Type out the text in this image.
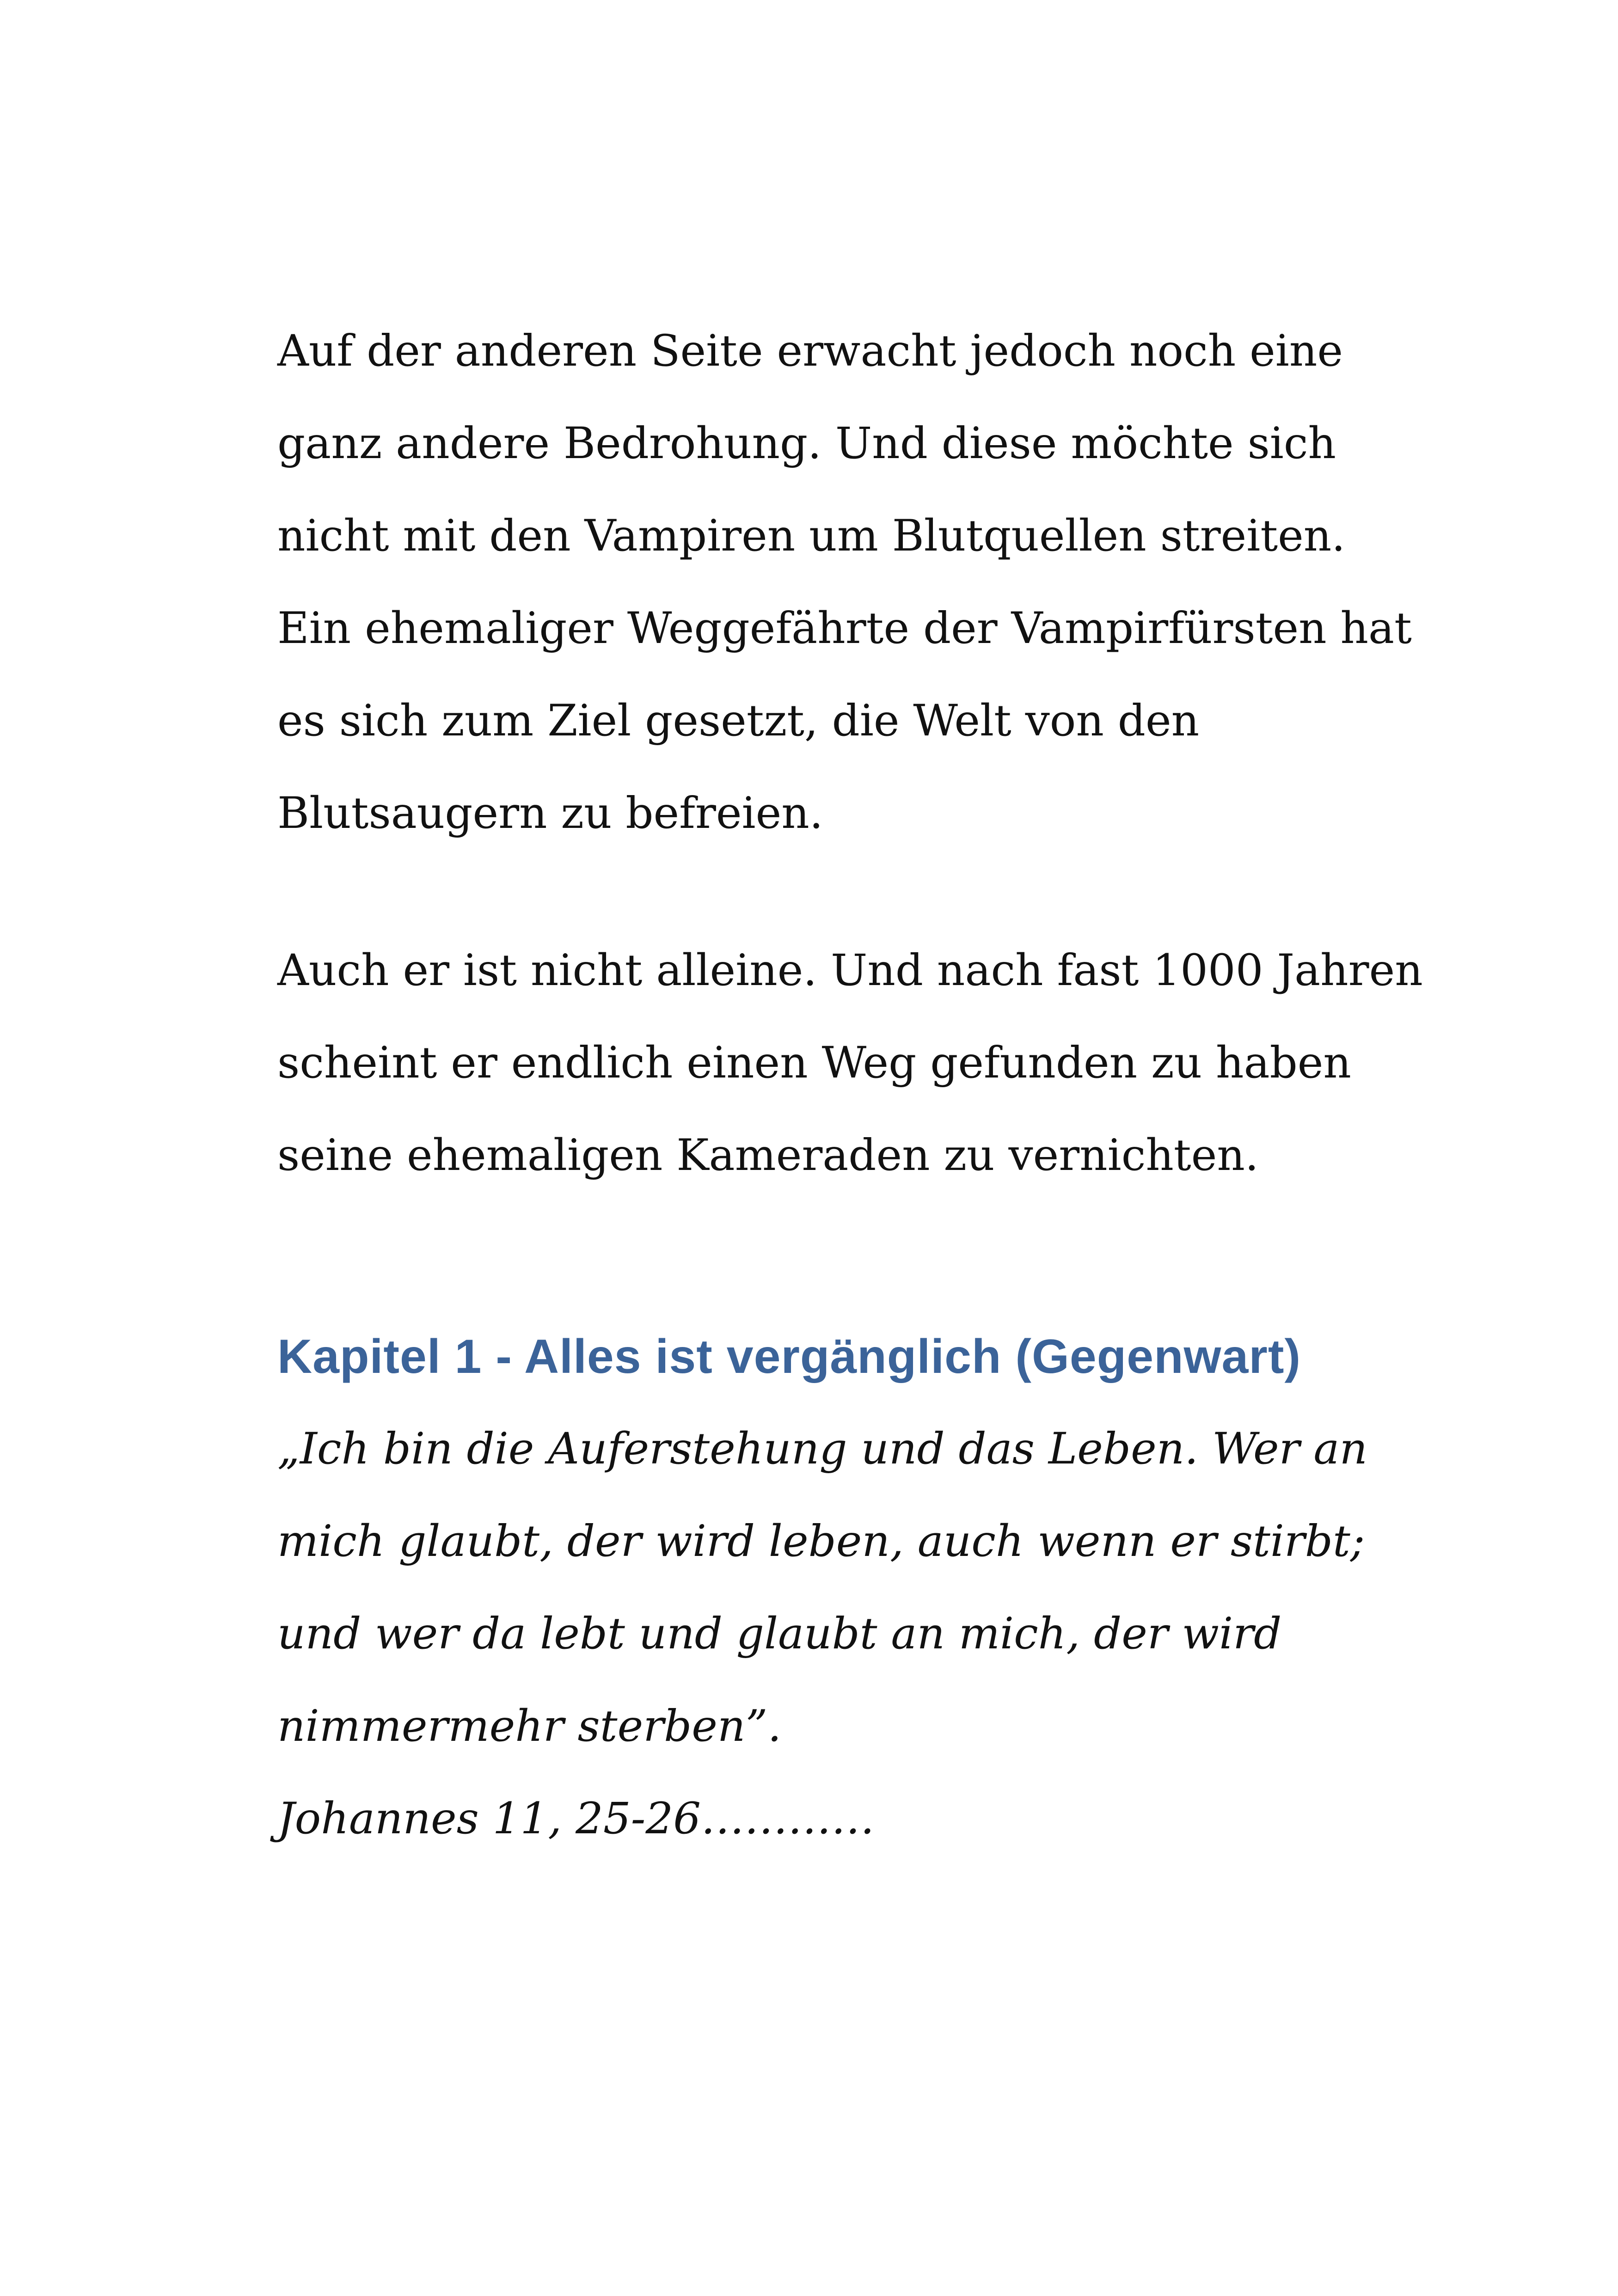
Auf der anderen Seite erwacht jedoch noch eine
ganz andere Bedrohung. Und diese möchte sich
nicht mit den Vampiren um Blutquellen streiten.
Ein ehemaliger Weggefährte der Vampirfürsten hat
es sich zum Ziel gesetzt, die Welt von den
Blutsaugern zu befreien.

Auch er ist nicht alleine. Und nach fast 1000 Jahren
scheint er endlich einen Weg gefunden zu haben
seine ehemaligen Kameraden zu vernichten.

Kapitel 1 - Alles ist vergänglich (Gegenwart)

„Ich bin die Auferstehung und das Leben. Wer an
mich glaubt, der wird leben, auch wenn er stirbt;
und wer da lebt und glaubt an mich, der wird
nimmermehr sterben”.
Johannes 11, 25-26…………
